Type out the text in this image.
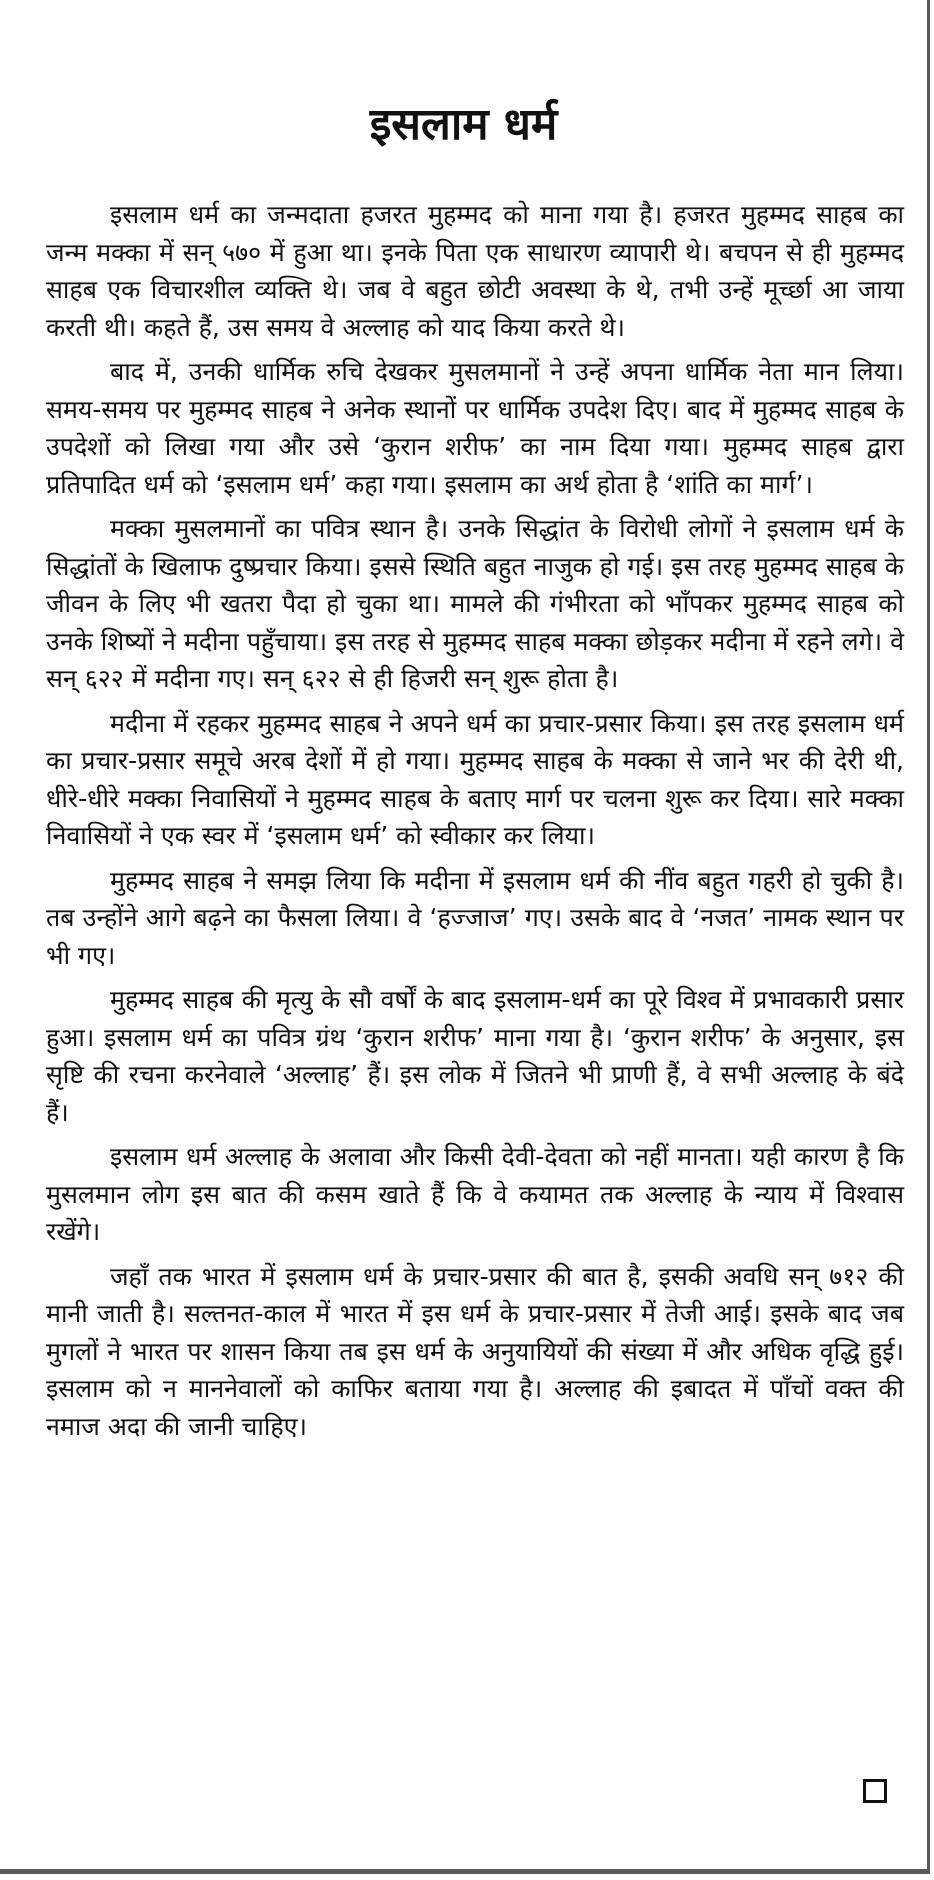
इसलाम धर्म

इसलाम धर्म का जन्मदाता हजरत मुहम्मद को माना गया है। हजरत मुहम्मद साहब का जन्म मक्का में सन् ५७० में हुआ था। इनके पिता एक साधारण व्यापारी थे। बचपन से ही मुहम्मद साहब एक विचारशील व्यक्ति थे। जब वे बहुत छोटी अवस्था के थे, तभी उन्हें मूर्च्छा आ जाया करती थी। कहते हैं, उस समय वे अल्लाह को याद किया करते थे।

बाद में, उनकी धार्मिक रुचि देखकर मुसलमानों ने उन्हें अपना धार्मिक नेता मान लिया। समय-समय पर मुहम्मद साहब ने अनेक स्थानों पर धार्मिक उपदेश दिए। बाद में मुहम्मद साहब के उपदेशों को लिखा गया और उसे ‘कुरान शरीफ’ का नाम दिया गया। मुहम्मद साहब द्वारा प्रतिपादित धर्म को ‘इसलाम धर्म’ कहा गया। इसलाम का अर्थ होता है ‘शांति का मार्ग’।

मक्का मुसलमानों का पवित्र स्थान है। उनके सिद्धांत के विरोधी लोगों ने इसलाम धर्म के सिद्धांतों के खिलाफ दुष्प्रचार किया। इससे स्थिति बहुत नाजुक हो गई। इस तरह मुहम्मद साहब के जीवन के लिए भी खतरा पैदा हो चुका था। मामले की गंभीरता को भाँपकर मुहम्मद साहब को उनके शिष्यों ने मदीना पहुँचाया। इस तरह से मुहम्मद साहब मक्का छोड़कर मदीना में रहने लगे। वे सन् ६२२ में मदीना गए। सन् ६२२ से ही हिजरी सन् शुरू होता है।

मदीना में रहकर मुहम्मद साहब ने अपने धर्म का प्रचार-प्रसार किया। इस तरह इसलाम धर्म का प्रचार-प्रसार समूचे अरब देशों में हो गया। मुहम्मद साहब के मक्का से जाने भर की देरी थी, धीरे-धीरे मक्का निवासियों ने मुहम्मद साहब के बताए मार्ग पर चलना शुरू कर दिया। सारे मक्का निवासियों ने एक स्वर में ‘इसलाम धर्म’ को स्वीकार कर लिया।

मुहम्मद साहब ने समझ लिया कि मदीना में इसलाम धर्म की नींव बहुत गहरी हो चुकी है। तब उन्होंने आगे बढ़ने का फैसला लिया। वे ‘हज्जाज’ गए। उसके बाद वे ‘नजत’ नामक स्थान पर भी गए।

मुहम्मद साहब की मृत्यु के सौ वर्षों के बाद इसलाम-धर्म का पूरे विश्व में प्रभावकारी प्रसार हुआ। इसलाम धर्म का पवित्र ग्रंथ ‘कुरान शरीफ’ माना गया है। ‘कुरान शरीफ’ के अनुसार, इस सृष्टि की रचना करनेवाले ‘अल्लाह’ हैं। इस लोक में जितने भी प्राणी हैं, वे सभी अल्लाह के बंदे हैं।

इसलाम धर्म अल्लाह के अलावा और किसी देवी-देवता को नहीं मानता। यही कारण है कि मुसलमान लोग इस बात की कसम खाते हैं कि वे कयामत तक अल्लाह के न्याय में विश्वास रखेंगे।

जहाँ तक भारत में इसलाम धर्म के प्रचार-प्रसार की बात है, इसकी अवधि सन् ७१२ की मानी जाती है। सल्तनत-काल में भारत में इस धर्म के प्रचार-प्रसार में तेजी आई। इसके बाद जब मुगलों ने भारत पर शासन किया तब इस धर्म के अनुयायियों की संख्या में और अधिक वृद्धि हुई। इसलाम को न माननेवालों को काफिर बताया गया है। अल्लाह की इबादत में पाँचों वक्त की नमाज अदा की जानी चाहिए।
